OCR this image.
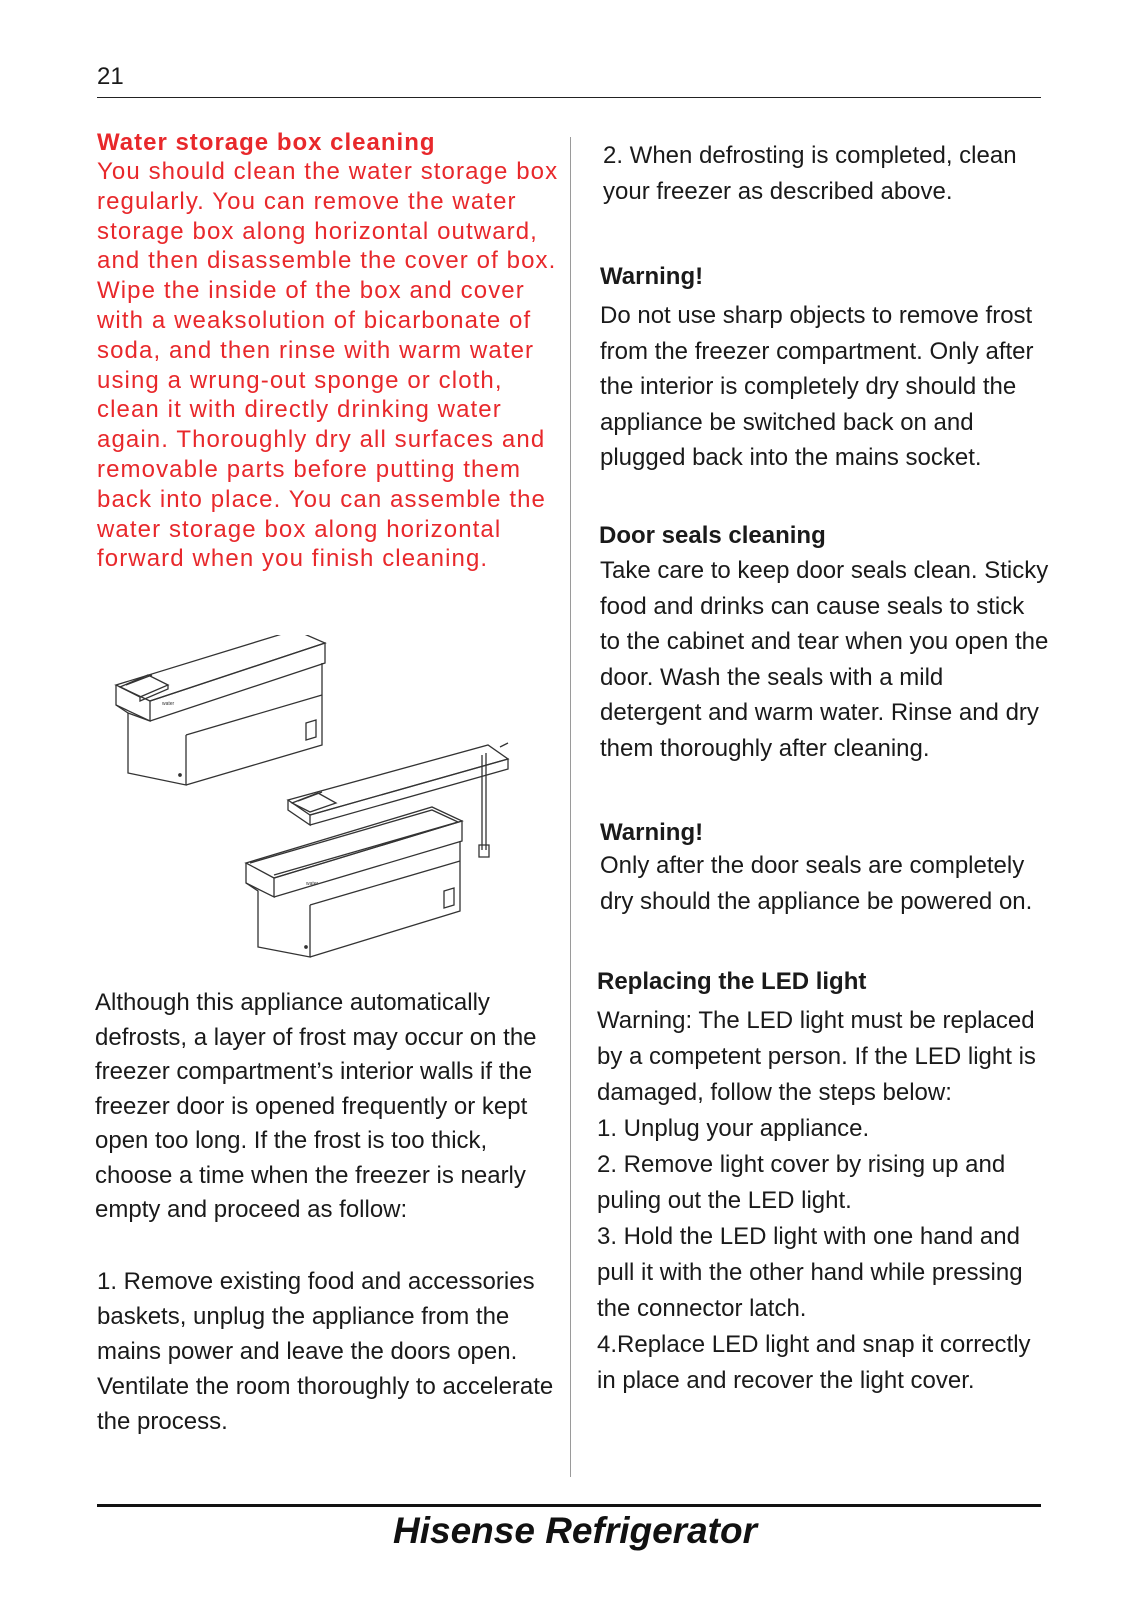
21

Water storage box cleaning

You should clean the water storage box regularly. You can remove the water storage box along horizontal outward, and then disassemble the cover of box. Wipe the inside of the box and cover with a weaksolution of bicarbonate of soda, and then rinse with warm water using a wrung-out sponge or cloth, clean it with directly drinking water again. Thoroughly dry all surfaces and removable parts before putting them back into place. You can assemble the water storage box along horizontal forward when you finish cleaning.

water
water

Although this appliance automatically defrosts, a layer of frost may occur on the freezer compartment’s interior walls if the freezer door is opened frequently or kept open too long. If the frost is too thick, choose a time when the freezer is nearly empty and proceed as follow:

1. Remove existing food and accessories baskets, unplug the appliance from the mains power and leave the doors open. Ventilate the room thoroughly to accelerate the process.

2. When defrosting is completed, clean your freezer as described above.

Warning!

Do not use sharp objects to remove frost from the freezer compartment. Only after the interior is completely dry should the appliance be switched back on and plugged back into the mains socket.

Door seals cleaning

Take care to keep door seals clean. Sticky food and drinks can cause seals to stick to the cabinet and tear when you open the door. Wash the seals with a mild detergent and warm water. Rinse and dry them thoroughly after cleaning.

Warning!

Only after the door seals are completely dry should the appliance be powered on.

Replacing the LED light

Warning: The LED light must be replaced by a competent person. If the LED light is damaged, follow the steps below:
1. Unplug your appliance.
2. Remove light cover by rising up and puling out the LED light.
3. Hold the LED light with one hand and pull it with the other hand while pressing the connector latch.
4.Replace LED light and snap it correctly in place and recover the light cover.
Hisense Refrigerator
